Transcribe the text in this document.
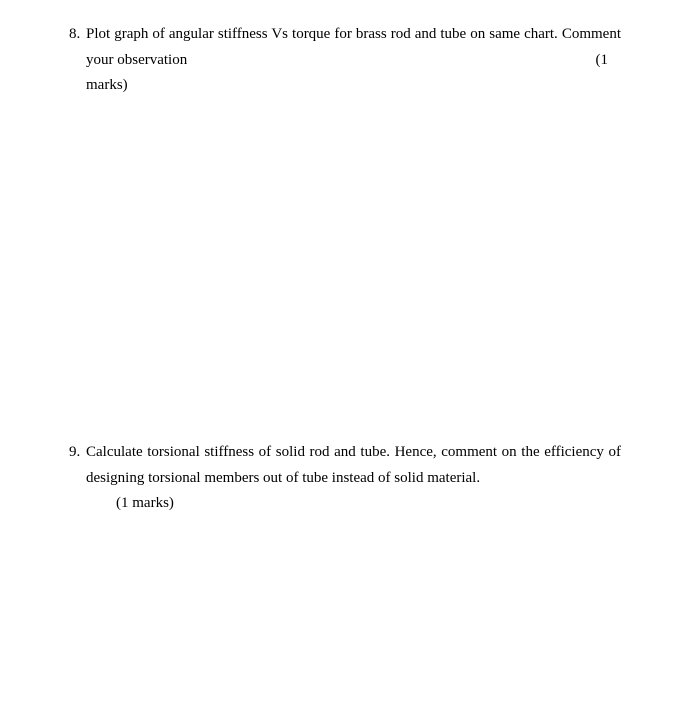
8. Plot graph of angular stiffness Vs torque for brass rod and tube on same chart. Comment
your observation	(1
marks)
9. Calculate torsional stiffness of solid rod and tube. Hence, comment on the efficiency of
designing torsional members out of tube instead of solid material.
(1 marks)
